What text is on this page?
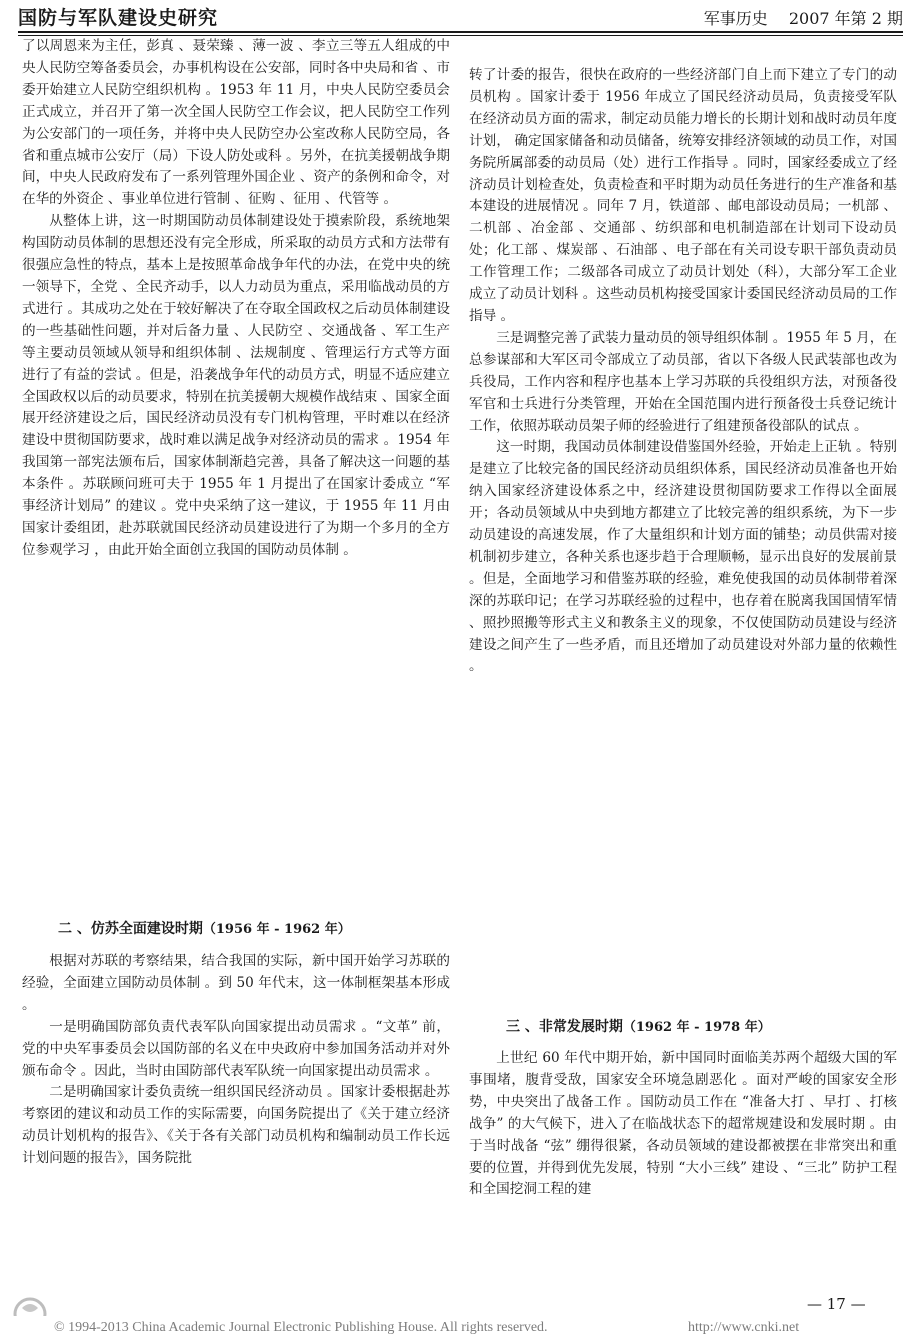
国防与军队建设史研究	军事历史　 2007 年第 2 期

了以周恩来为主任，彭真 、聂荣臻 、薄一波 、李立三等五人组成的中央人民防空筹备委员会，办事机构设在公安部，同时各中央局和省 、市委开始建立人民防空组织机构 。1953 年 11 月，中央人民防空委员会正式成立，并召开了第一次全国人民防空工作会议，把人民防空工作列为公安部门的一项任务，并将中央人民防空办公室改称人民防空局，各省和重点城市公安厅（局）下设人防处或科 。另外，在抗美援朝战争期间，中央人民政府发布了一系列管理外国企业 、资产的条例和命令，对在华的外资企 、事业单位进行管制 、征购 、征用 、代管等 。

从整体上讲，这一时期国防动员体制建设处于摸索阶段，系统地架构国防动员体制的思想还没有完全形成，所采取的动员方式和方法带有很强应急性的特点，基本上是按照革命战争年代的办法，在党中央的统一领导下，全党 、全民齐动手，以人力动员为重点，采用临战动员的方式进行 。其成功之处在于较好解决了在夺取全国政权之后动员体制建设的一些基础性问题，并对后备力量 、人民防空 、交通战备 、军工生产等主要动员领域从领导和组织体制 、法规制度 、管理运行方式等方面进行了有益的尝试 。但是，沿袭战争年代的动员方式，明显不适应建立全国政权以后的动员要求，特别在抗美援朝大规模作战结束 、国家全面展开经济建设之后，国民经济动员没有专门机构管理，平时难以在经济建设中贯彻国防要求，战时难以满足战争对经济动员的需求 。1954 年我国第一部宪法颁布后，国家体制渐趋完善，具备了解决这一问题的基本条件 。苏联顾问班可夫于 1955 年 1 月提出了在国家计委成立 “军事经济计划局” 的建议 。党中央采纳了这一建议，于 1955 年 11 月由国家计委组团，赴苏联就国民经济动员建设进行了为期一个多月的全方位参观学习 ，由此开始全面创立我国的国防动员体制 。

转了计委的报告，很快在政府的一些经济部门自上而下建立了专门的动员机构 。国家计委于 1956 年成立了国民经济动员局，负责接受军队在经济动员方面的需求，制定动员能力增长的长期计划和战时动员年度计划， 确定国家储备和动员储备，统筹安排经济领域的动员工作，对国务院所属部委的动员局（处）进行工作指导 。同时，国家经委成立了经济动员计划检查处，负责检查和平时期为动员任务进行的生产准备和基本建设的进展情况 。同年 7 月，铁道部 、邮电部设动员局；一机部 、二机部 、冶金部 、交通部 、纺织部和电机制造部在计划司下设动员处；化工部 、煤炭部 、石油部 、电子部在有关司设专职干部负责动员工作管理工作；二级部各司成立了动员计划处（科），大部分军工企业成立了动员计划科 。这些动员机构接受国家计委国民经济动员局的工作指导 。

三是调整完善了武装力量动员的领导组织体制 。1955 年 5 月，在总参谋部和大军区司令部成立了动员部，省以下各级人民武装部也改为兵役局，工作内容和程序也基本上学习苏联的兵役组织方法，对预备役军官和士兵进行分类管理，开始在全国范围内进行预备役士兵登记统计工作，依照苏联动员架子师的经验进行了组建预备役部队的试点 。

这一时期，我国动员体制建设借鉴国外经验，开始走上正轨 。特别是建立了比较完备的国民经济动员组织体系，国民经济动员准备也开始纳入国家经济建设体系之中，经济建设贯彻国防要求工作得以全面展开；各动员领域从中央到地方都建立了比较完善的组织系统，为下一步动员建设的高速发展，作了大量组织和计划方面的铺垫；动员供需对接机制初步建立，各种关系也逐步趋于合理顺畅，显示出良好的发展前景 。但是，全面地学习和借鉴苏联的经验，难免使我国的动员体制带着深深的苏联印记；在学习苏联经验的过程中，也存着在脱离我国国情军情 、照抄照搬等形式主义和教条主义的现象，不仅使国防动员建设与经济建设之间产生了一些矛盾，而且还增加了动员建设对外部力量的依赖性 。

二 、仿苏全面建设时期（1956 年 - 1962 年）

根据对苏联的考察结果，结合我国的实际，新中国开始学习苏联的经验，全面建立国防动员体制 。到 50 年代末，这一体制框架基本形成 。

一是明确国防部负责代表军队向国家提出动员需求 。“文革” 前，党的中央军事委员会以国防部的名义在中央政府中参加国务活动并对外颁布命令 。因此，当时由国防部代表军队统一向国家提出动员需求 。

二是明确国家计委负责统一组织国民经济动员 。国家计委根据赴苏考察团的建议和动员工作的实际需要，向国务院提出了《关于建立经济动员计划机构的报告》、《关于各有关部门动员机构和编制动员工作长远计划问题的报告》，国务院批

三 、非常发展时期（1962 年 - 1978 年）

上世纪 60 年代中期开始，新中国同时面临美苏两个超级大国的军事围堵，腹背受敌，国家安全环境急剧恶化 。面对严峻的国家安全形势，中央突出了战备工作 。国防动员工作在 “准备大打 、早打 、打核战争” 的大气候下，进入了在临战状态下的超常规建设和发展时期 。由于当时战备 “弦” 绷得很紧，各动员领域的建设都被摆在非常突出和重要的位置，并得到优先发展，特别 “大小三线” 建设 、“三北” 防护工程和全国挖洞工程的建

— 17 —
© 1994-2013 China Academic Journal Electronic Publishing House. All rights reserved.	http://www.cnki.net
